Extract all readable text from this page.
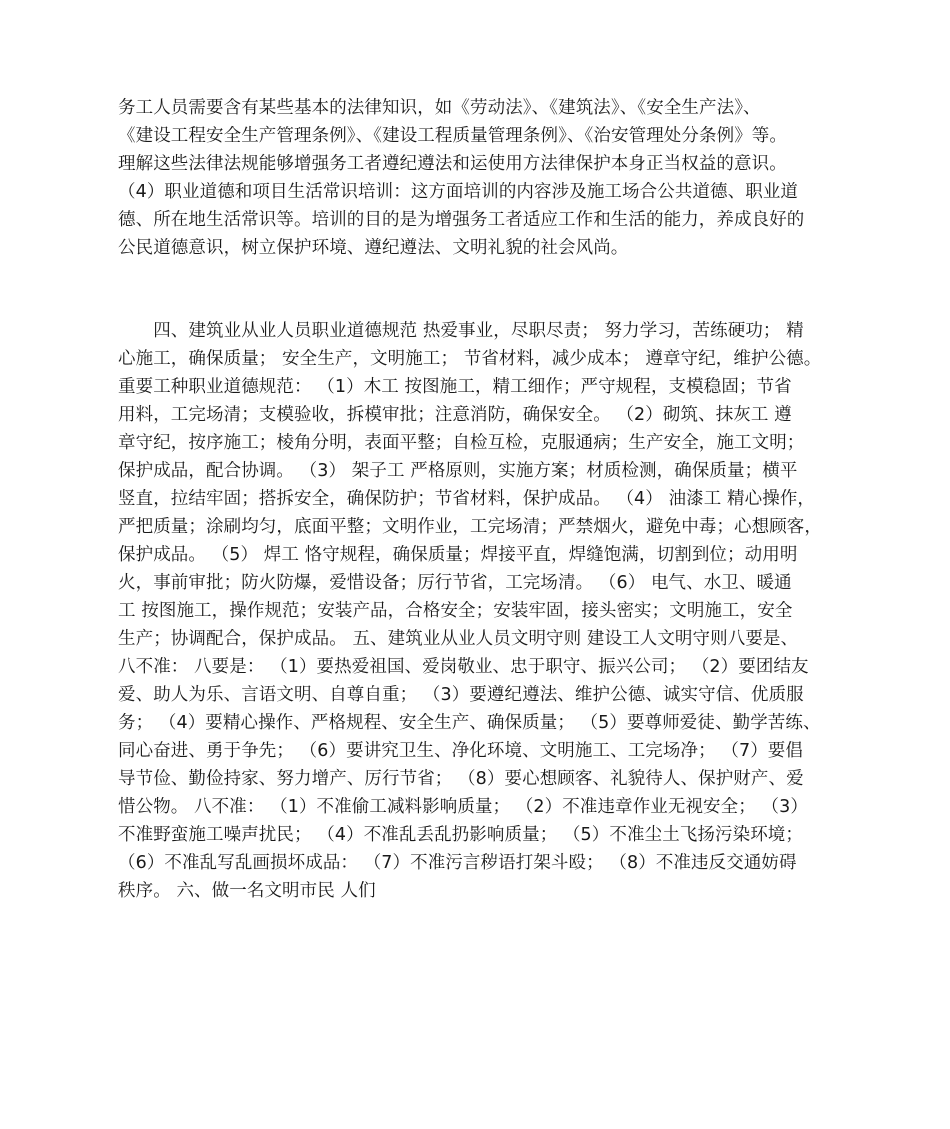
务工人员需要含有某些基本的法律知识，如《劳动法》、《建筑法》、《安全生产法》、
《建设工程安全生产管理条例》、《建设工程质量管理条例》、《治安管理处分条例》等。
理解这些法律法规能够增强务工者遵纪遵法和运使用方法律保护本身正当权益的意识。
（4）职业道德和项目生活常识培训：这方面培训的内容涉及施工场合公共道德、职业道
德、所在地生活常识等。培训的目的是为增强务工者适应工作和生活的能力，养成良好的
公民道德意识，树立保护环境、遵纪遵法、文明礼貌的社会风尚。
　　四、建筑业从业人员职业道德规范 热爱事业，尽职尽责； 努力学习，苦练硬功； 精
心施工，确保质量； 安全生产，文明施工； 节省材料，减少成本； 遵章守纪，维护公德。
重要工种职业道德规范： （1）木工 按图施工，精工细作；严守规程，支模稳固；节省
用料，工完场清；支模验收，拆模审批；注意消防，确保安全。 （2）砌筑、抹灰工 遵
章守纪，按序施工；棱角分明，表面平整；自检互检，克服通病；生产安全，施工文明；
保护成品，配合协调。 （3） 架子工 严格原则，实施方案；材质检测，确保质量；横平
竖直，拉结牢固；搭拆安全，确保防护；节省材料，保护成品。 （4） 油漆工 精心操作，
严把质量；涂刷均匀，底面平整；文明作业，工完场清；严禁烟火，避免中毒；心想顾客，
保护成品。 （5） 焊工 恪守规程，确保质量；焊接平直，焊缝饱满，切割到位；动用明
火，事前审批；防火防爆，爱惜设备；厉行节省，工完场清。 （6） 电气、水卫、暖通
工 按图施工，操作规范；安装产品，合格安全；安装牢固，接头密实；文明施工，安全
生产；协调配合，保护成品。 五、建筑业从业人员文明守则 建设工人文明守则八要是、
八不准： 八要是： （1）要热爱祖国、爱岗敬业、忠于职守、振兴公司； （2）要团结友
爱、助人为乐、言语文明、自尊自重； （3）要遵纪遵法、维护公德、诚实守信、优质服
务； （4）要精心操作、严格规程、安全生产、确保质量； （5）要尊师爱徒、勤学苦练、
同心奋进、勇于争先； （6）要讲究卫生、净化环境、文明施工、工完场净； （7）要倡
导节俭、勤俭持家、努力增产、厉行节省； （8）要心想顾客、礼貌待人、保护财产、爱
惜公物。 八不准： （1）不准偷工减料影响质量； （2）不准违章作业无视安全； （3）
不准野蛮施工噪声扰民； （4）不准乱丢乱扔影响质量； （5）不准尘土飞扬污染环境；
（6）不准乱写乱画损坏成品： （7）不准污言秽语打架斗殴； （8）不准违反交通妨碍
秩序。 六、做一名文明市民 人们
